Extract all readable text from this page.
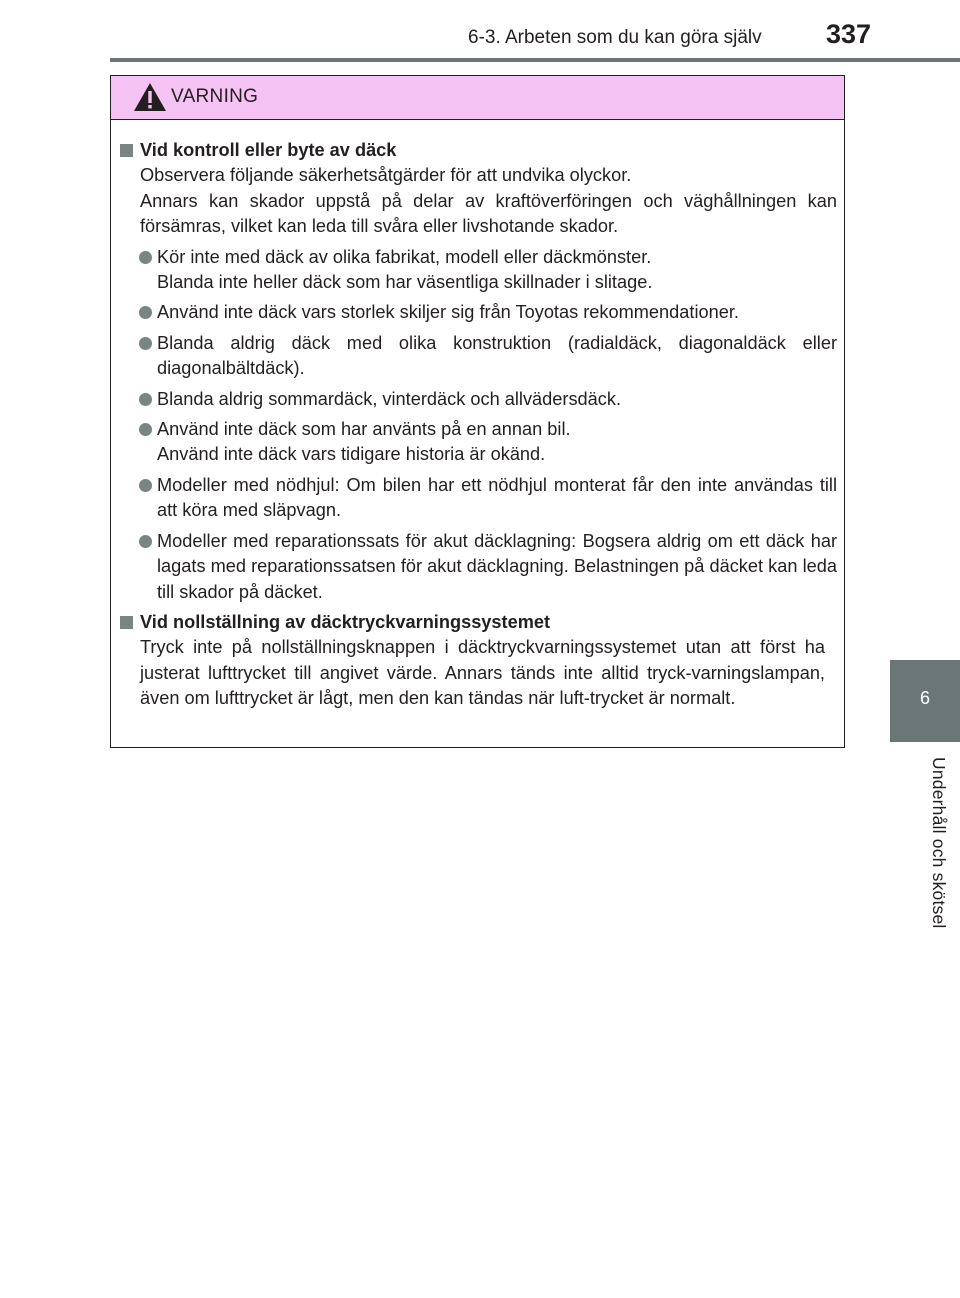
6-3. Arbeten som du kan göra själv 337
6
Underhåll och skötsel
VARNING
Vid kontroll eller byte av däck
Observera följande säkerhetsåtgärder för att undvika olyckor.
Annars kan skador uppstå på delar av kraftöverföringen och väghållningen kan försämras, vilket kan leda till svåra eller livshotande skador.
Kör inte med däck av olika fabrikat, modell eller däckmönster.
Blanda inte heller däck som har väsentliga skillnader i slitage.
Använd inte däck vars storlek skiljer sig från Toyotas rekommendationer.
Blanda aldrig däck med olika konstruktion (radialdäck, diagonaldäck eller diagonalbältdäck).
Blanda aldrig sommardäck, vinterdäck och allvädersdäck.
Använd inte däck som har använts på en annan bil.
Använd inte däck vars tidigare historia är okänd.
Modeller med nödhjul: Om bilen har ett nödhjul monterat får den inte användas till att köra med släpvagn.
Modeller med reparationssats för akut däcklagning: Bogsera aldrig om ett däck har lagats med reparationssatsen för akut däcklagning. Belastningen på däcket kan leda till skador på däcket.
Vid nollställning av däcktryckvarningssystemet
Tryck inte på nollställningsknappen i däcktryckvarningssystemet utan att först ha justerat lufttrycket till angivet värde. Annars tänds inte alltid tryck-varningslampan, även om lufttrycket är lågt, men den kan tändas när luft-trycket är normalt.
